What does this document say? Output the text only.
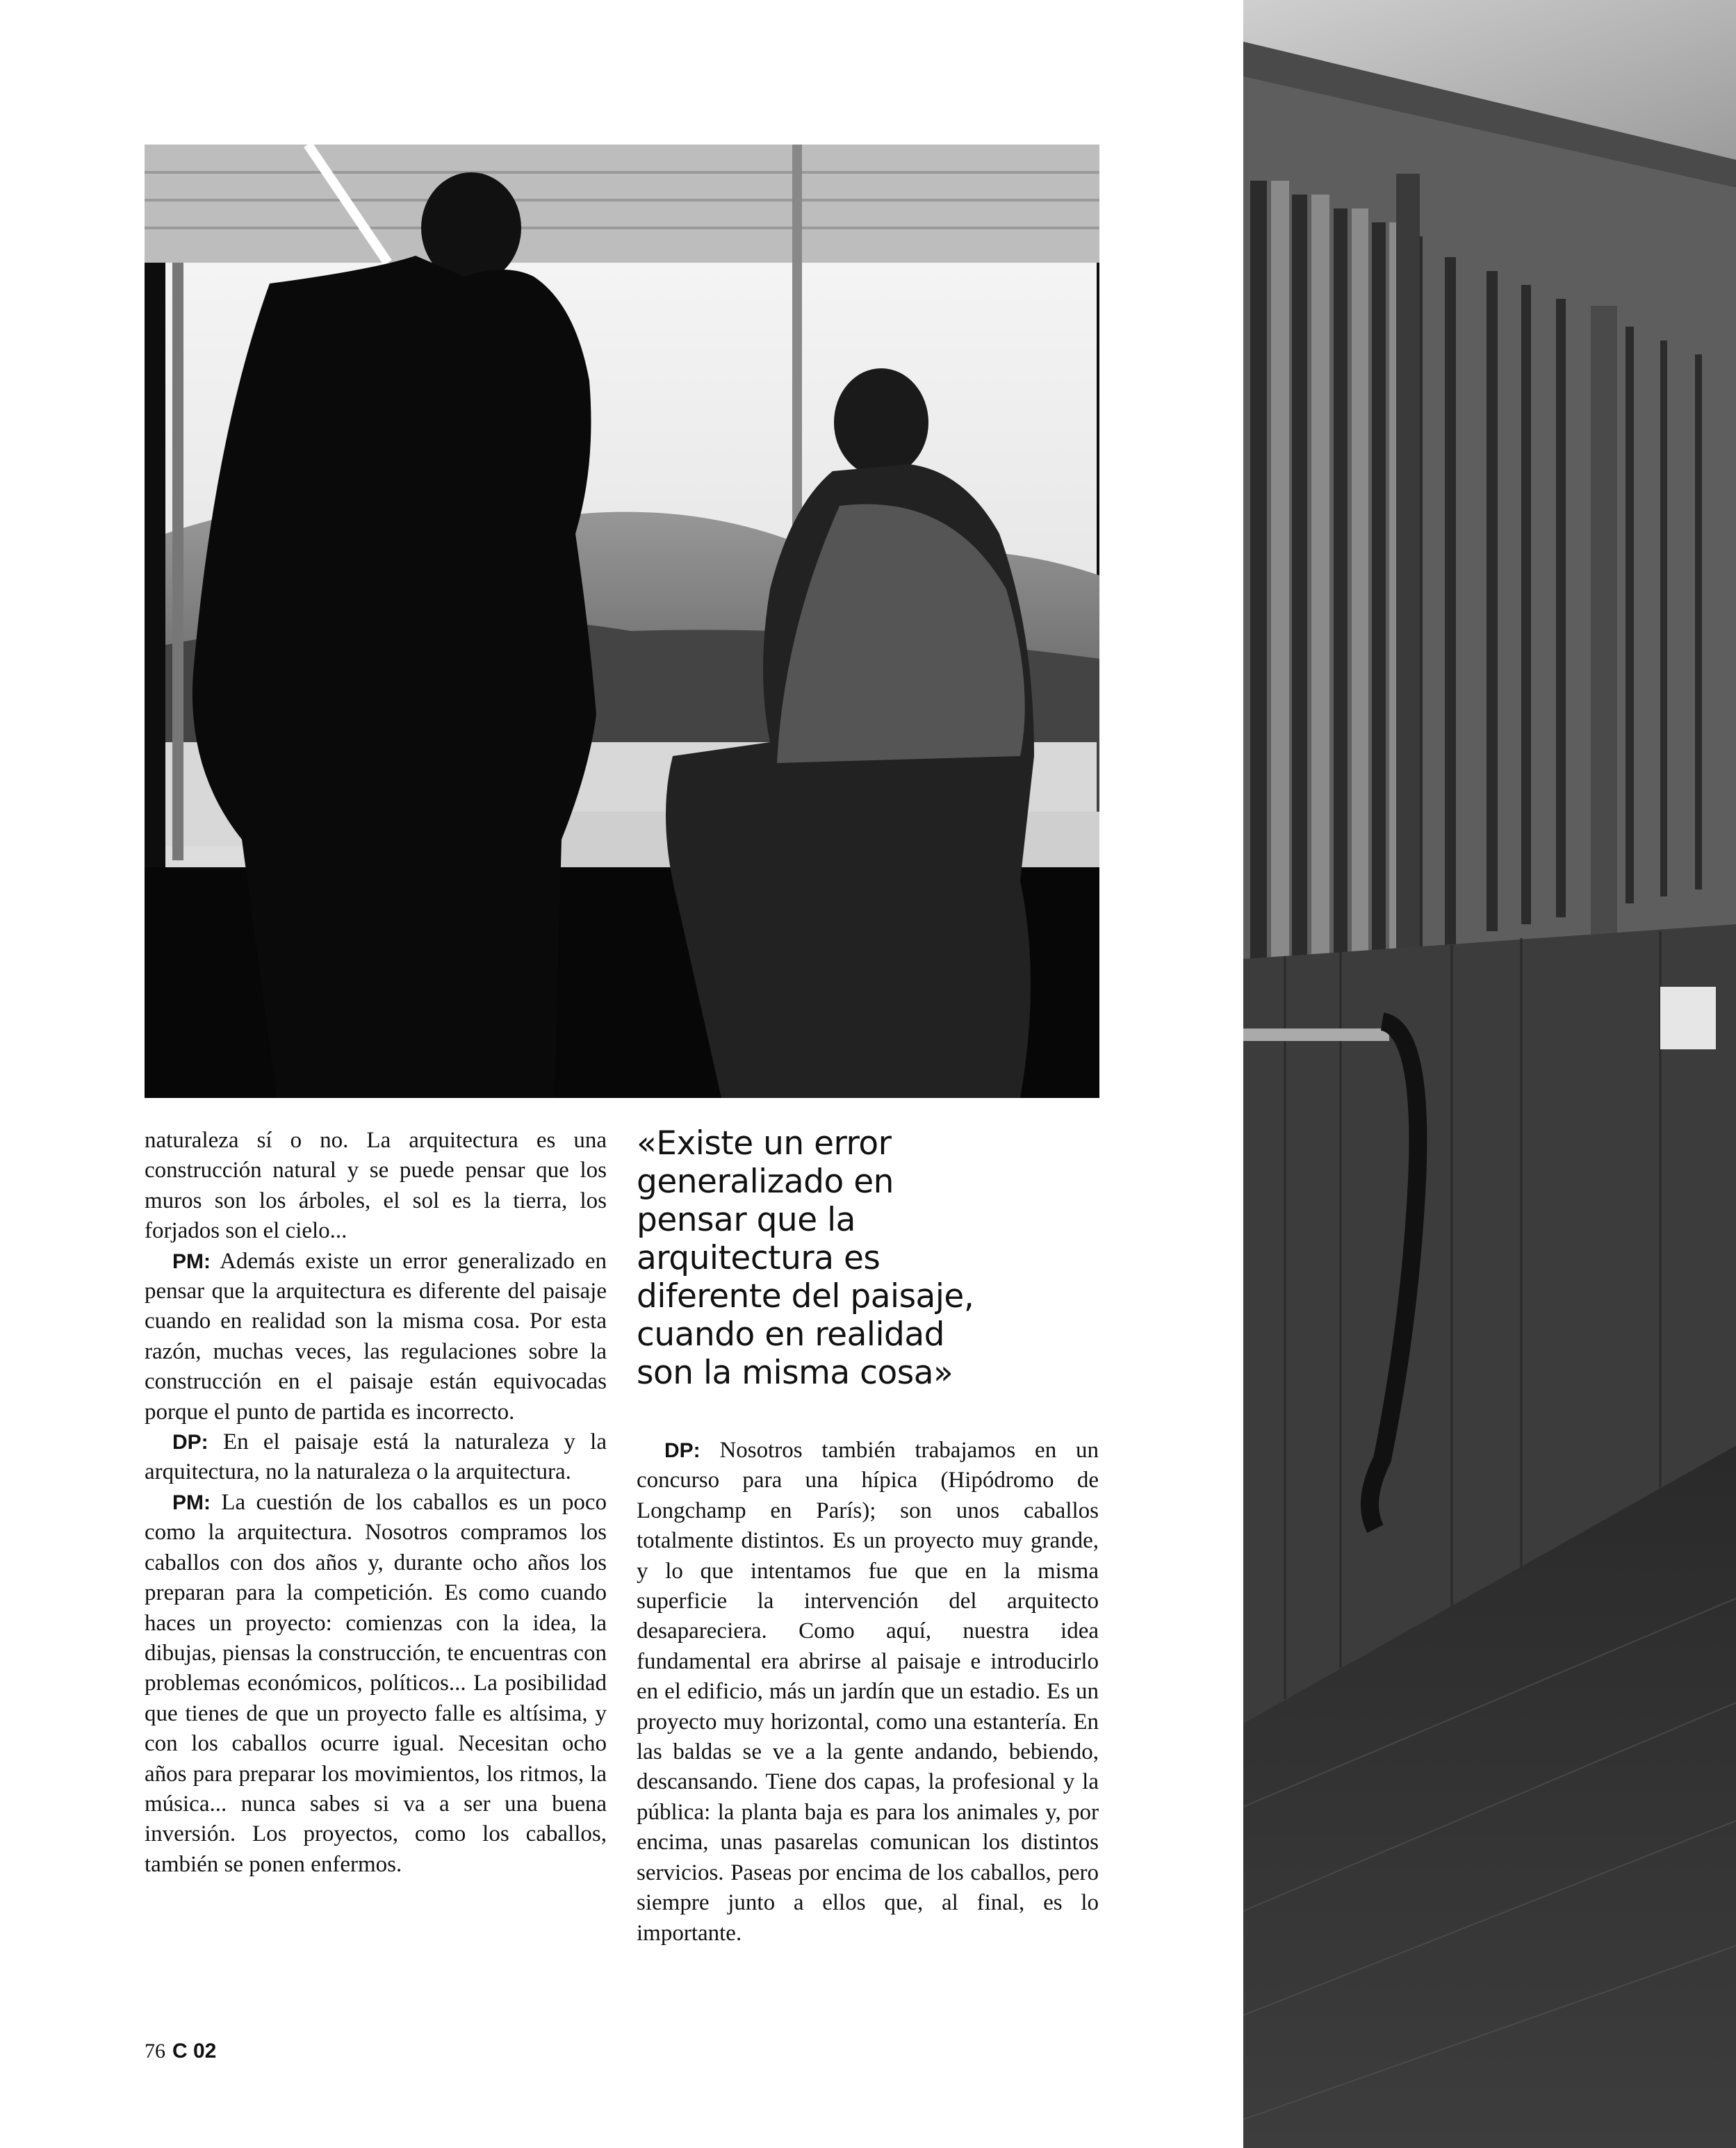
naturaleza sí o no. La arquitectura es una construcción natural y se puede pensar que los muros son los árboles, el sol es la tierra, los forjados son el cielo...

PM: Además existe un error generalizado en pensar que la arquitectura es diferente del paisaje cuando en realidad son la misma cosa. Por esta razón, muchas veces, las regulaciones sobre la construcción en el paisaje están equivocadas porque el punto de partida es incorrecto.

DP: En el paisaje está la naturaleza y la arquitectura, no la naturaleza o la arquitectura.

PM: La cuestión de los caballos es un poco como la arquitectura. Nosotros compramos los caballos con dos años y, durante ocho años los preparan para la competición. Es como cuando haces un proyecto: comienzas con la idea, la dibujas, piensas la construcción, te encuentras con problemas económicos, políticos... La posibilidad que tienes de que un proyecto falle es altísima, y con los caballos ocurre igual. Necesitan ocho años para preparar los movimientos, los ritmos, la música... nunca sabes si va a ser una buena inversión. Los proyectos, como los caballos, también se ponen enfermos.

«Existe un error generalizado en pensar que la arquitectura es diferente del paisaje, cuando en realidad son la misma cosa»

DP: Nosotros también trabajamos en un concurso para una hípica (Hipódromo de Longchamp en París); son unos caballos totalmente distintos. Es un proyecto muy grande, y lo que intentamos fue que en la misma superficie la intervención del arquitecto desapareciera. Como aquí, nuestra idea fundamental era abrirse al paisaje e introducirlo en el edificio, más un jardín que un estadio. Es un proyecto muy horizontal, como una estantería. En las baldas se ve a la gente andando, bebiendo, descansando. Tiene dos capas, la profesional y la pública: la planta baja es para los animales y, por encima, unas pasarelas comunican los distintos servicios. Paseas por encima de los caballos, pero siempre junto a ellos que, al final, es lo importante.

76 C 02
